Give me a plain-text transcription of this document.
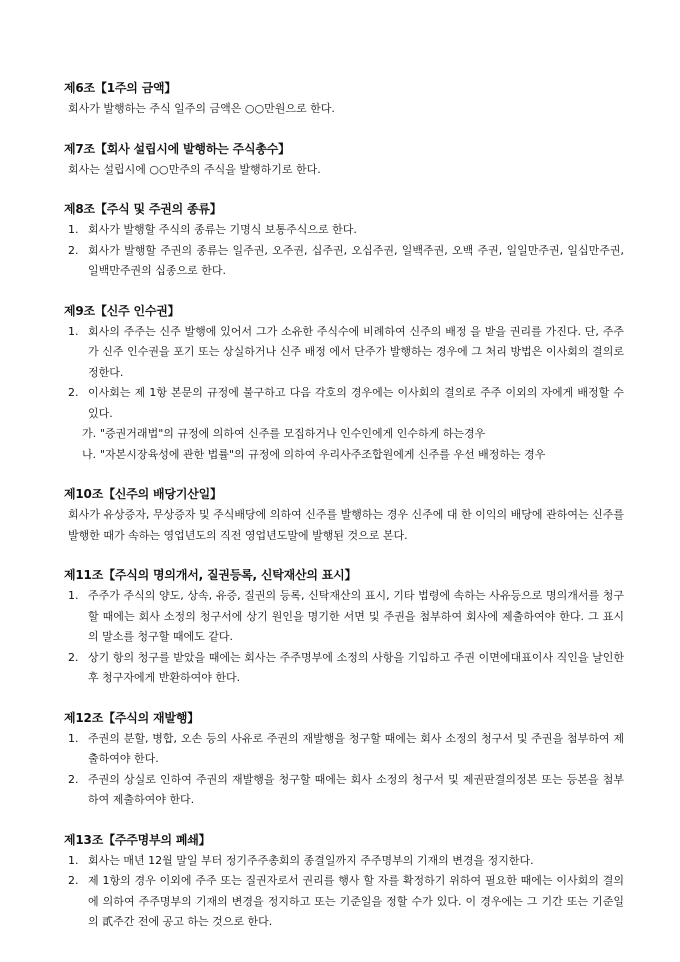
제6조【1주의 금액】
회사가 발행하는 주식 일주의 금액은 ○○만원으로 한다.
제7조【회사 설립시에 발행하는 주식총수】
회사는 설립시에 ○○만주의 주식을 발행하기로 한다.
제8조【주식 및 주권의 종류】
1. 회사가 발행할 주식의 종류는 기명식 보통주식으로 한다.
2. 회사가 발행할 주권의 종류는 일주권, 오주권, 십주권, 오십주권, 일백주권, 오백 주권, 일일만주권, 일십만주권, 일백만주권의 십종으로 한다.
제9조【신주 인수권】
1. 회사의 주주는 신주 발행에 있어서 그가 소유한 주식수에 비례하여 신주의 배정 을 받을 권리를 가진다. 단, 주주가 신주 인수권을 포기 또는 상실하거나 신주 배정 에서 단주가 발행하는 경우에 그 처리 방법은 이사회의 결의로 정한다.
2. 이사회는 제 1항 본문의 규정에 불구하고 다음 각호의 경우에는 이사회의 결의로 주주 이외의 자에게 배정할 수 있다.
가. "증권거래법"의 규정에 의하여 신주를 모집하거나 인수인에게 인수하게 하는경우
나. "자본시장육성에 관한 법률"의 규정에 의하여 우리사주조합원에게 신주를 우선 배정하는 경우
제10조【신주의 배당기산일】
회사가 유상증자, 무상증자 및 주식배당에 의하여 신주를 발행하는 경우 신주에 대 한 이익의 배당에 관하여는 신주를 발행한 때가 속하는 영업년도의 직전 영업년도말에 발행된 것으로 본다.
제11조【주식의 명의개서, 질권등록, 신탁재산의 표시】
1. 주주가 주식의 양도, 상속, 유증, 질권의 등록, 신탁재산의 표시, 기타 법령에 속하는 사유등으로 명의개서를 청구할 때에는 회사 소정의 청구서에 상기 원인을 명기한 서면 및 주권을 첨부하여 회사에 제출하여야 한다. 그 표시의 말소를 청구할 때에도 같다.
2. 상기 항의 청구를 받았을 때에는 회사는 주주명부에 소정의 사항을 기입하고 주권 이면에대표이사 직인을 날인한 후 청구자에게 반환하여야 한다.
제12조【주식의 재발행】
1. 주권의 분할, 병합, 오손 등의 사유로 주권의 재발행을 청구할 때에는 회사 소정의 청구서 및 주권을 첨부하여 제출하여야 한다.
2. 주권의 상실로 인하여 주권의 재발행을 청구할 때에는 회사 소정의 청구서 및 제권판결의정본 또는 등본을 첨부하여 제출하여야 한다.
제13조【주주명부의 폐쇄】
1. 회사는 매년 12월 말일 부터 정기주주총회의 종결일까지 주주명부의 기재의 변경을 정지한다.
2. 제 1항의 경우 이외에 주주 또는 질권자로서 권리를 행사 할 자를 확정하기 위하여 필요한 때에는 이사회의 결의에 의하여 주주명부의 기재의 변경을 정지하고 또는 기준일을 정할 수가 있다. 이 경우에는 그 기간 또는 기준일의 貳주간 전에 공고 하는 것으로 한다.
